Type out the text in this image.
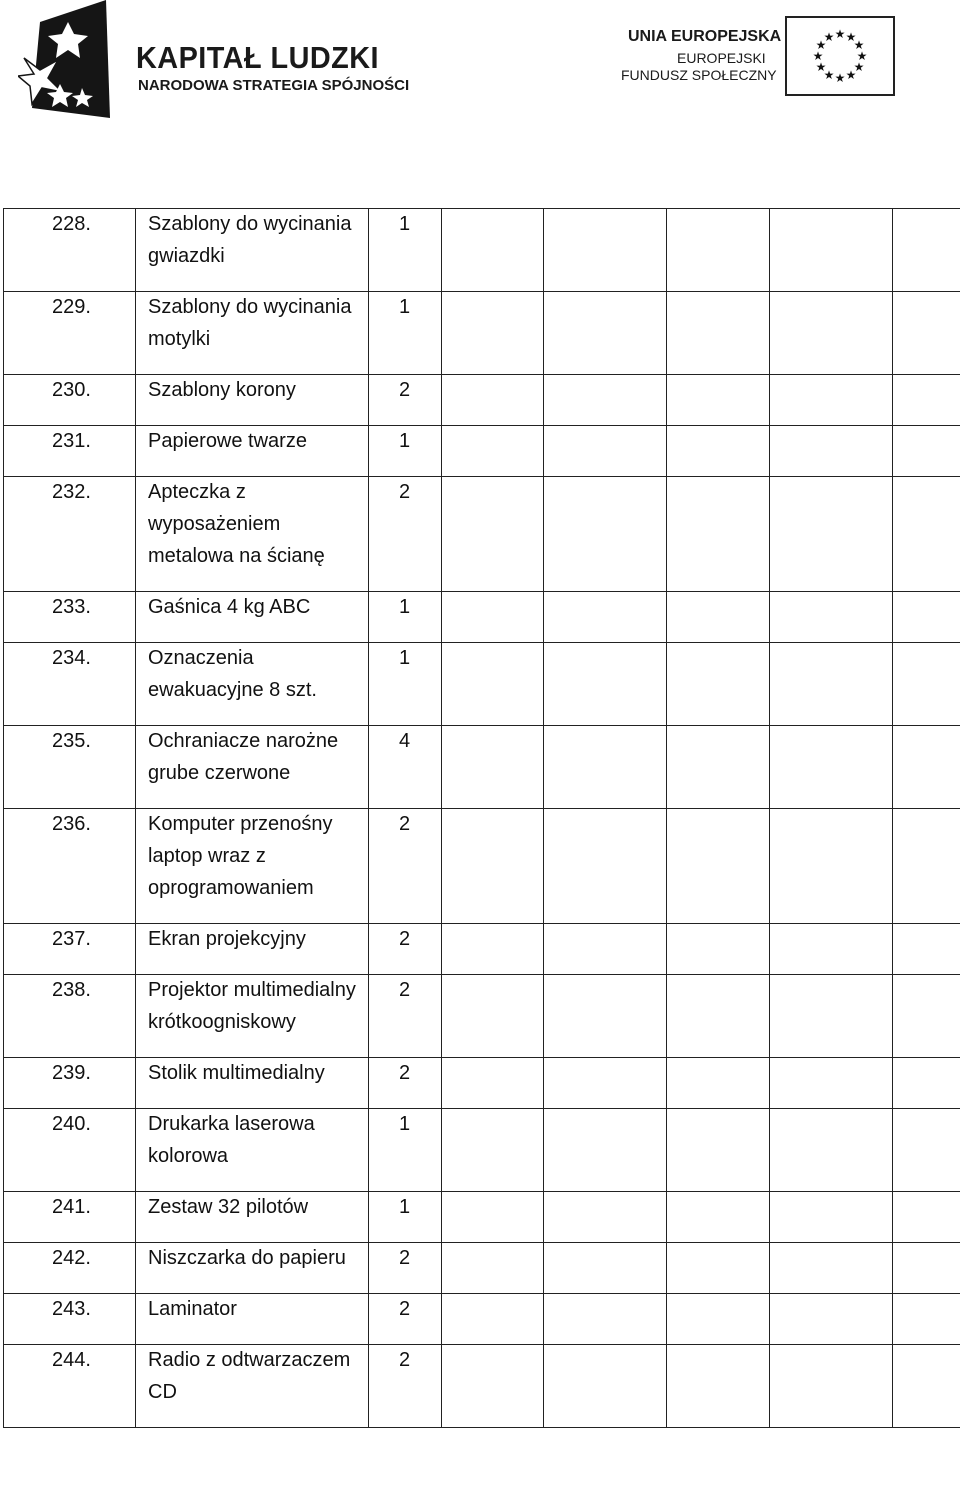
KAPITAŁ LUDZKI
NARODOWA STRATEGIA SPÓJNOŚCI
UNIA EUROPEJSKA
EUROPEJSKI
FUNDUSZ SPOŁECZNY
★ ★
★
★
★
★
★
★
★
★
★
★
228.	Szablony do wycinania gwiazdki	1					
229.	Szablony do wycinania motylki	1					
230.	Szablony korony	2					
231.	Papierowe twarze	1					
232.	Apteczka z wyposażeniem metalowa na ścianę	2					
233.	Gaśnica 4 kg ABC	1					
234.	Oznaczenia ewakuacyjne 8 szt.	1					
235.	Ochraniacze narożne grube czerwone	4					
236.	Komputer przenośny laptop wraz z oprogramowaniem	2					
237.	Ekran projekcyjny	2					
238.	Projektor multimedialny krótkoogniskowy	2					
239.	Stolik multimedialny	2					
240.	Drukarka laserowa kolorowa	1					
241.	Zestaw 32 pilotów	1					
242.	Niszczarka do papieru	2					
243.	Laminator	2					
244.	Radio z odtwarzaczem CD	2					
